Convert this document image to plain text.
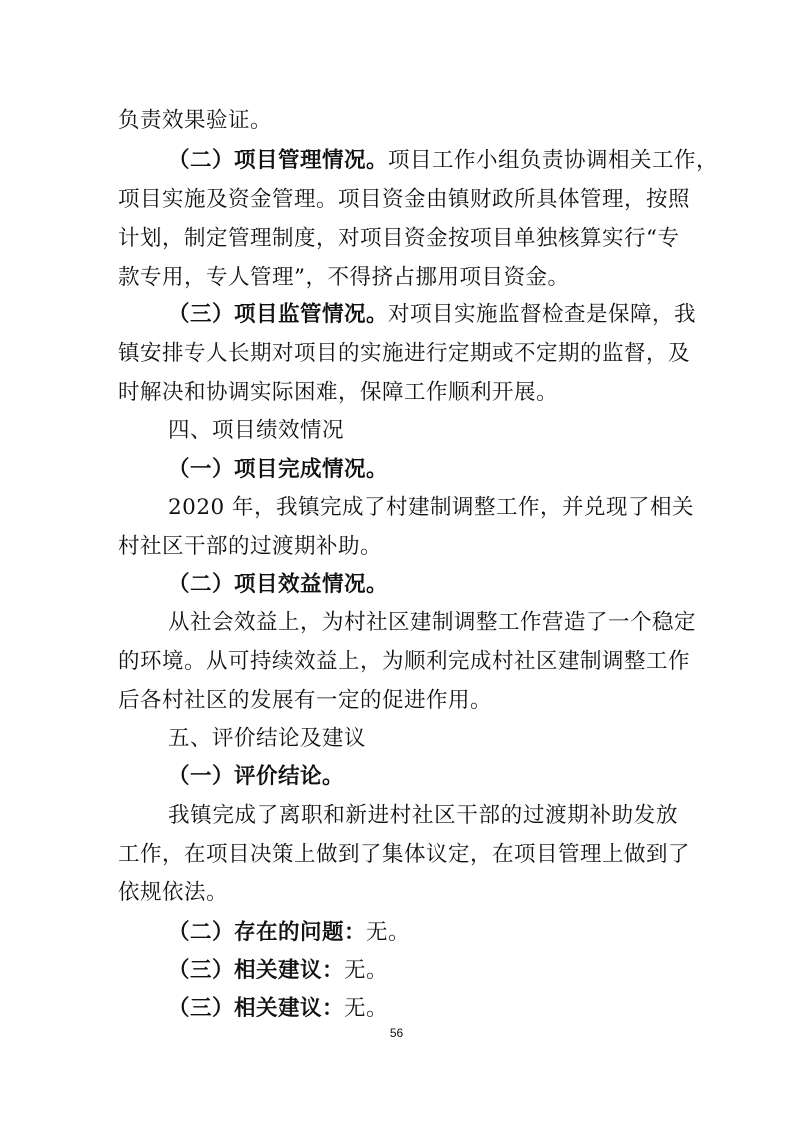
负责效果验证。
（二）项目管理情况。项目工作小组负责协调相关工作，
项目实施及资金管理。项目资金由镇财政所具体管理，按照
计划，制定管理制度，对项目资金按项目单独核算实行“专
款专用，专人管理”，不得挤占挪用项目资金。
（三）项目监管情况。对项目实施监督检查是保障，我
镇安排专人长期对项目的实施进行定期或不定期的监督，及
时解决和协调实际困难，保障工作顺利开展。
四、项目绩效情况
（一）项目完成情况。
2020 年，我镇完成了村建制调整工作，并兑现了相关
村社区干部的过渡期补助。
（二）项目效益情况。
从社会效益上，为村社区建制调整工作营造了一个稳定
的环境。从可持续效益上，为顺利完成村社区建制调整工作
后各村社区的发展有一定的促进作用。
五、评价结论及建议
（一）评价结论。
我镇完成了离职和新进村社区干部的过渡期补助发放
工作，在项目决策上做到了集体议定，在项目管理上做到了
依规依法。
（二）存在的问题：无。
（三）相关建议：无。
（三）相关建议：无。
56
